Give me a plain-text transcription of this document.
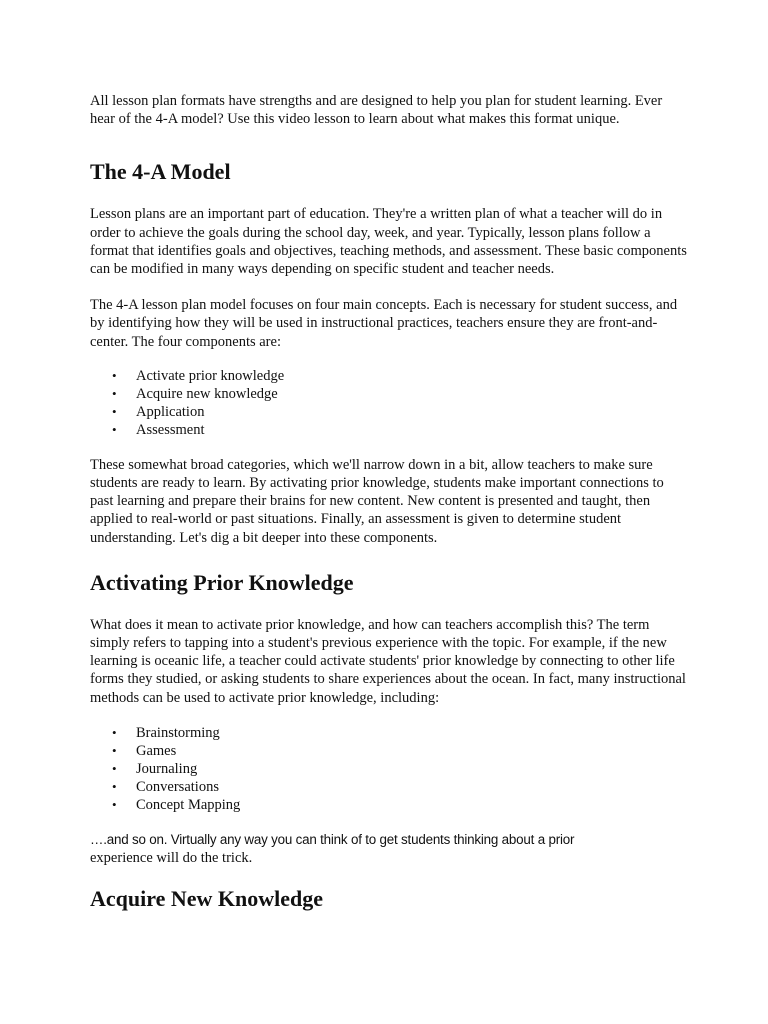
All lesson plan formats have strengths and are designed to help you plan for student learning. Ever hear of the 4-A model? Use this video lesson to learn about what makes this format unique.

The 4-A Model

Lesson plans are an important part of education. They're a written plan of what a teacher will do in order to achieve the goals during the school day, week, and year. Typically, lesson plans follow a format that identifies goals and objectives, teaching methods, and assessment. These basic components can be modified in many ways depending on specific student and teacher needs.

The 4-A lesson plan model focuses on four main concepts. Each is necessary for student success, and by identifying how they will be used in instructional practices, teachers ensure they are front-and-center. The four components are:

• Activate prior knowledge
• Acquire new knowledge
• Application
• Assessment

These somewhat broad categories, which we'll narrow down in a bit, allow teachers to make sure students are ready to learn. By activating prior knowledge, students make important connections to past learning and prepare their brains for new content. New content is presented and taught, then applied to real-world or past situations. Finally, an assessment is given to determine student understanding. Let's dig a bit deeper into these components.

Activating Prior Knowledge

What does it mean to activate prior knowledge, and how can teachers accomplish this? The term simply refers to tapping into a student's previous experience with the topic. For example, if the new learning is oceanic life, a teacher could activate students' prior knowledge by connecting to other life forms they studied, or asking students to share experiences about the ocean. In fact, many instructional methods can be used to activate prior knowledge, including:

• Brainstorming
• Games
• Journaling
• Conversations
• Concept Mapping

….and so on. Virtually any way you can think of to get students thinking about a prior
experience will do the trick.

Acquire New Knowledge
